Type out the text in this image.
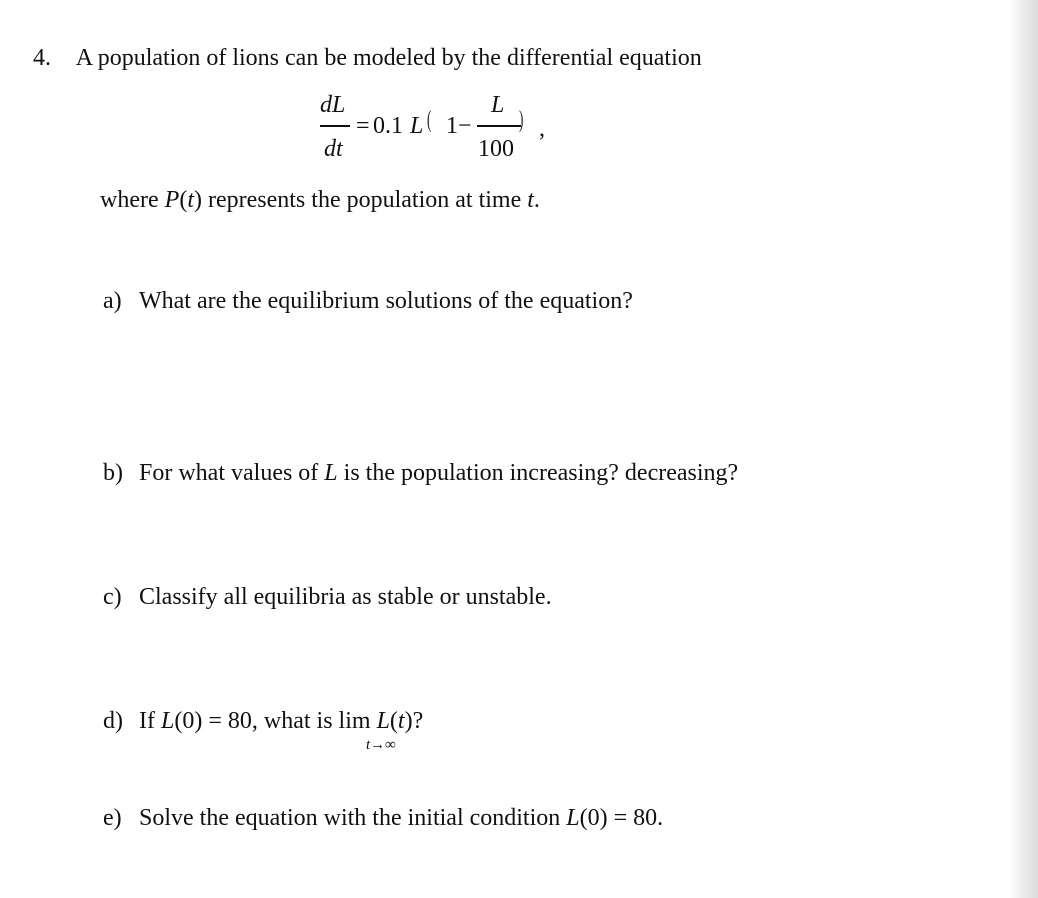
4. A population of lions can be modeled by the differential equation
dL
dt
= 0.1 L ( 1−
L
100
) ,
where P(t) represents the population at time t.
a) What are the equilibrium solutions of the equation?
b) For what values of L is the population increasing? decreasing?
c) Classify all equilibria as stable or unstable.
d) If L(0) = 80, what is lim L(t)?
t→∞
e) Solve the equation with the initial condition L(0) = 80.
